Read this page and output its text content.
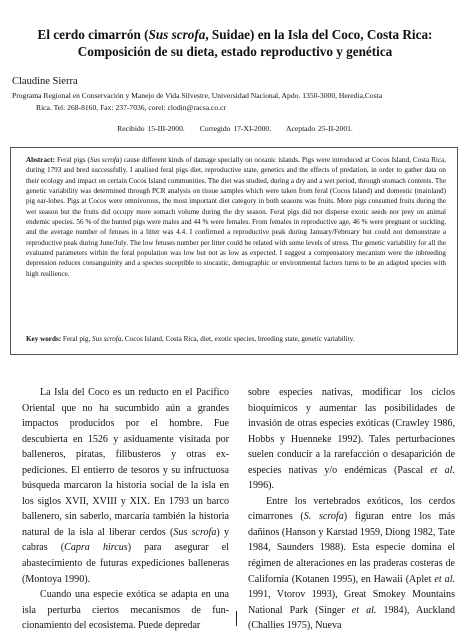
El cerdo cimarrón (Sus scrofa, Suidae) en la Isla del Coco, Costa Rica:
Composición de su dieta, estado reproductivo y genética
Claudine Sierra
Programa Regional en Conservación y Manejo de Vida Silvestre, Universidad Nacional, Apdo. 1350-3000, Heredia,Costa
Rica. Tel: 268-8160, Fax: 237-7036, corel: clodin@racsa.co.cr
Recibido 15-III-2000. Corregido 17-XI-2000. Aceptado 25-II-2001.
Abstract: Feral pigs (Sus scrofa) cause different kinds of damage specially on oceanic islands. Pigs were introduced at Cocos Island, Costa Rica, during 1793 and bred successfully. I analised feral pigs diet, reproductive state, genetics and the effects of predation, in order to gather data on their ecology and impact on certain Cocos Island communities. The diet was studied, during a dry and a wet period, through stomach contents. The genetic variability was determined through PCR analysis on tissue samples which were taken from feral (Cocos Island) and domestic (mainland) pig ear-lobes. Pigs at Cocos were omnivorous, the most important diet category in both seasons was fruits. More pigs consumed fruits during the wet season but the fruits did occupy more somach volume during the dry season. Feral pigs did not disperse exotic seeds nor prey on animal endemic species. 56 % of the hunted pigs were males and 44 % were females. From females in reproductive age, 46 % were pregnant or suckling, and the average number of fetuses in a litter was 4.4. I confirmed a reproductive peak during January/February but could not demonstrate a reproductive peak during June/July. The low fetuses number per litter could be related with some levels of stress. The genetic variability for all the evaluated parameters within the feral population was low but not as low as expected. I suggest a compensatory mecanism were the inbreeding depression reduces consanguinity and a species suceptible to stocastic, demographic or environmental factors turns to be an adapted species with high resilience.
Key words: Feral pig, Sus scrofa, Cocos Island, Costa Rica, diet, exotic species, breeding state, genetic variability.

La Isla del Coco es un reducto en el Pacífico Oriental que no ha sucumbido aún a grandes impactos producidos por el hombre. Fue descubierta en 1526 y asiduamente visitada por balleneros, piratas, filibusteros y otras expediciones. El entierro de tesoros y su infructuosa búsqueda marcaron la historia social de la isla en los siglos XVII, XVIII y XIX. En 1793 un barco ballenero, sin saberlo, marcaría también la historia natural de la isla al liberar cerdos (Sus scrofa) y cabras (Capra hircus) para asegurar el abastecimiento de futuras expediciones balleneras (Montoya 1990).

Cuando una especie exótica se adapta en una isla perturba ciertos mecanismos de funcionamiento del ecosistema. Puede depredar

sobre especies nativas, modificar los ciclos bioquímicos y aumentar las posibilidades de invasión de otras especies exóticas (Crawley 1986, Hobbs y Huenneke 1992). Tales perturbaciones suelen conducir a la rarefacción o desaparición de especies nativas y/o endémicas (Pascal et al. 1996).

Entre los vertebrados exóticos, los cerdos cimarrones (S. scrofa) figuran entre los más dañinos (Hanson y Karstad 1959, Diong 1982, Tate 1984, Saunders 1988). Esta especie domina el régimen de alteraciones en las praderas costeras de California (Kotanen 1995), en Hawaii (Aplet et al. 1991, Vtorov 1993), Great Smokey Mountains National Park (Singer et al. 1984), Auckland (Challies 1975), Nueva
